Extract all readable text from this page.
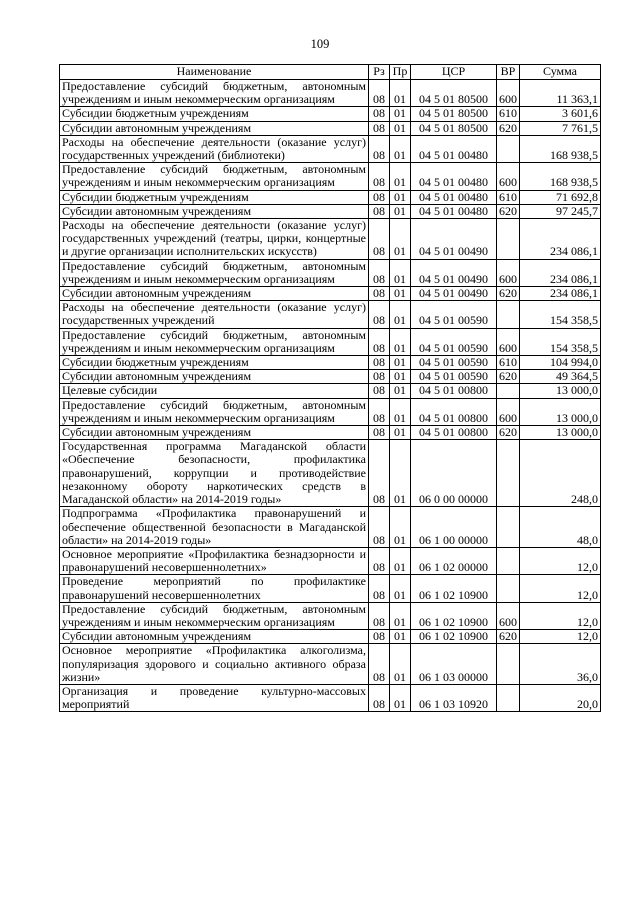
109
Наименование	Рз	Пр	ЦСР	ВР	Сумма
Предоставление субсидий бюджетным, автономным учреждениям и иным некоммерческим организациям	08	01	04 5 01 80500	600	11 363,1
Субсидии бюджетным учреждениям	08	01	04 5 01 80500	610	3 601,6
Субсидии автономным учреждениям	08	01	04 5 01 80500	620	7 761,5
Расходы на обеспечение деятельности (оказание услуг) государственных учреждений (библиотеки)	08	01	04 5 01 00480		168 938,5
Предоставление субсидий бюджетным, автономным учреждениям и иным некоммерческим организациям	08	01	04 5 01 00480	600	168 938,5
Субсидии бюджетным учреждениям	08	01	04 5 01 00480	610	71 692,8
Субсидии автономным учреждениям	08	01	04 5 01 00480	620	97 245,7
Расходы на обеспечение деятельности (оказание услуг) государственных учреждений (театры, цирки, концертные и другие организации исполнительских искусств)	08	01	04 5 01 00490		234 086,1
Предоставление субсидий бюджетным, автономным учреждениям и иным некоммерческим организациям	08	01	04 5 01 00490	600	234 086,1
Субсидии автономным учреждениям	08	01	04 5 01 00490	620	234 086,1
Расходы на обеспечение деятельности (оказание услуг) государственных учреждений	08	01	04 5 01 00590		154 358,5
Предоставление субсидий бюджетным, автономным учреждениям и иным некоммерческим организациям	08	01	04 5 01 00590	600	154 358,5
Субсидии бюджетным учреждениям	08	01	04 5 01 00590	610	104 994,0
Субсидии автономным учреждениям	08	01	04 5 01 00590	620	49 364,5
Целевые субсидии	08	01	04 5 01 00800		13 000,0
Предоставление субсидий бюджетным, автономным учреждениям и иным некоммерческим организациям	08	01	04 5 01 00800	600	13 000,0
Субсидии автономным учреждениям	08	01	04 5 01 00800	620	13 000,0
Государственная программа Магаданской области «Обеспечение безопасности, профилактика правонарушений, коррупции и противодействие незаконному обороту наркотических средств в Магаданской области» на 2014-2019 годы»	08	01	06 0 00 00000		248,0
Подпрограмма «Профилактика правонарушений и обеспечение общественной безопасности в Магаданской области» на 2014-2019 годы»	08	01	06 1 00 00000		48,0
Основное мероприятие «Профилактика безнадзорности и правонарушений несовершеннолетних»	08	01	06 1 02 00000		12,0
Проведение мероприятий по профилактике правонарушений несовершеннолетних	08	01	06 1 02 10900		12,0
Предоставление субсидий бюджетным, автономным учреждениям и иным некоммерческим организациям	08	01	06 1 02 10900	600	12,0
Субсидии автономным учреждениям	08	01	06 1 02 10900	620	12,0
Основное мероприятие «Профилактика алкоголизма, популяризация здорового и социально активного образа жизни»	08	01	06 1 03 00000		36,0
Организация и проведение культурно-массовых мероприятий	08	01	06 1 03 10920		20,0
